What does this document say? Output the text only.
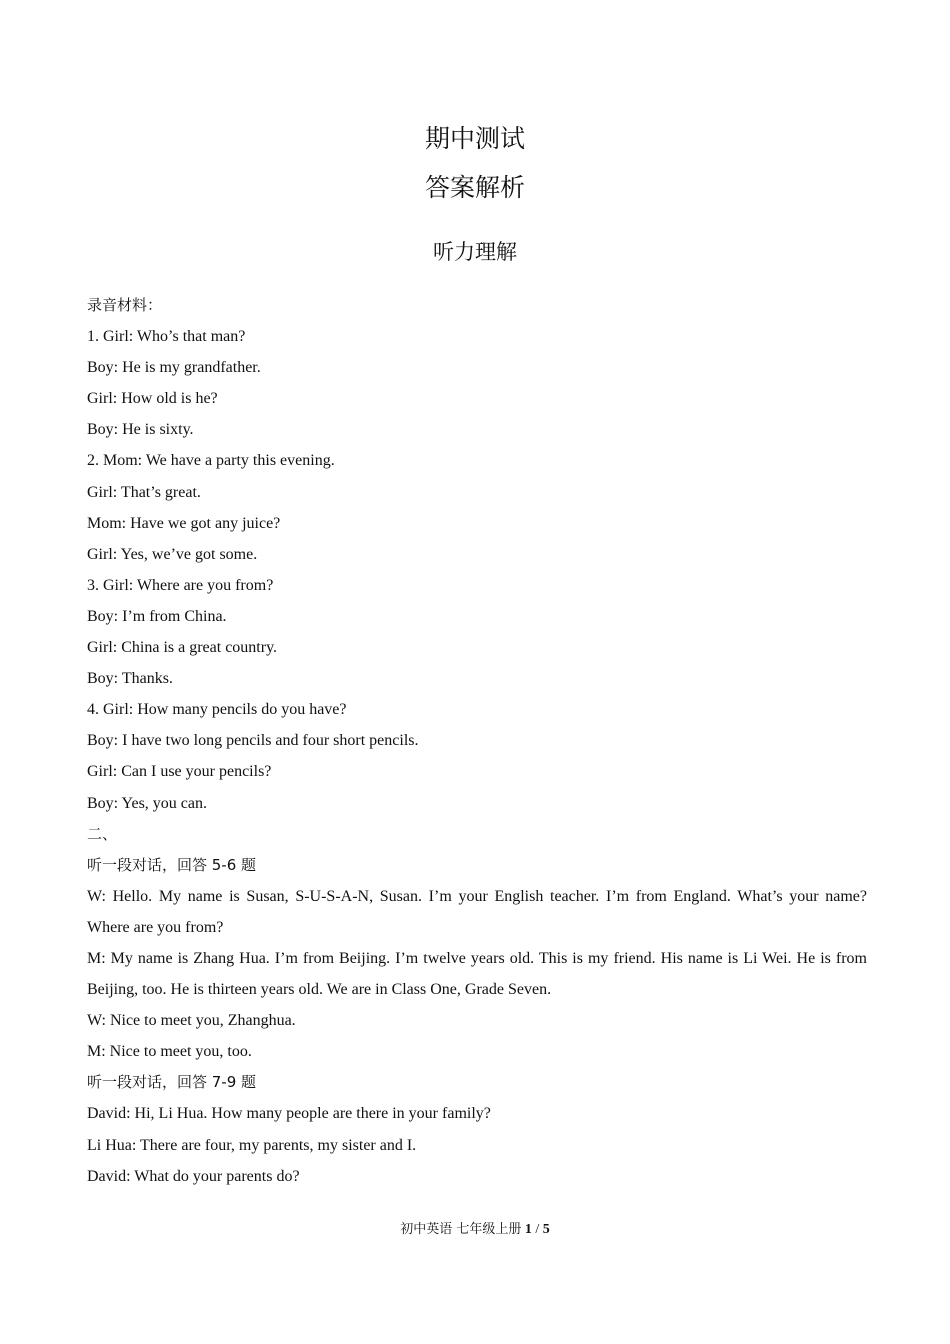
期中测试
答案解析
听力理解

录音材料：

1. Girl: Who’s that man?

Boy: He is my grandfather.

Girl: How old is he?

Boy: He is sixty.

2. Mom: We have a party this evening.

Girl: That’s great.

Mom: Have we got any juice?

Girl: Yes, we’ve got some.

3. Girl: Where are you from?

Boy: I’m from China.

Girl: China is a great country.

Boy: Thanks.

4. Girl: How many pencils do you have?

Boy: I have two long pencils and four short pencils.

Girl: Can I use your pencils?

Boy: Yes, you can.

二、

听一段对话，回答 5-6 题

W: Hello. My name is Susan, S-U-S-A-N, Susan. I’m your English teacher. I’m from England. What’s your name? Where are you from?

M: My name is Zhang Hua. I’m from Beijing. I’m twelve years old. This is my friend. His name is Li Wei. He is from Beijing, too. He is thirteen years old. We are in Class One, Grade Seven.

W: Nice to meet you, Zhanghua.

M: Nice to meet you, too.

听一段对话，回答 7-9 题

David: Hi, Li Hua. How many people are there in your family?

Li Hua: There are four, my parents, my sister and I.

David: What do your parents do?

初中英语 七年级上册 1 / 5
